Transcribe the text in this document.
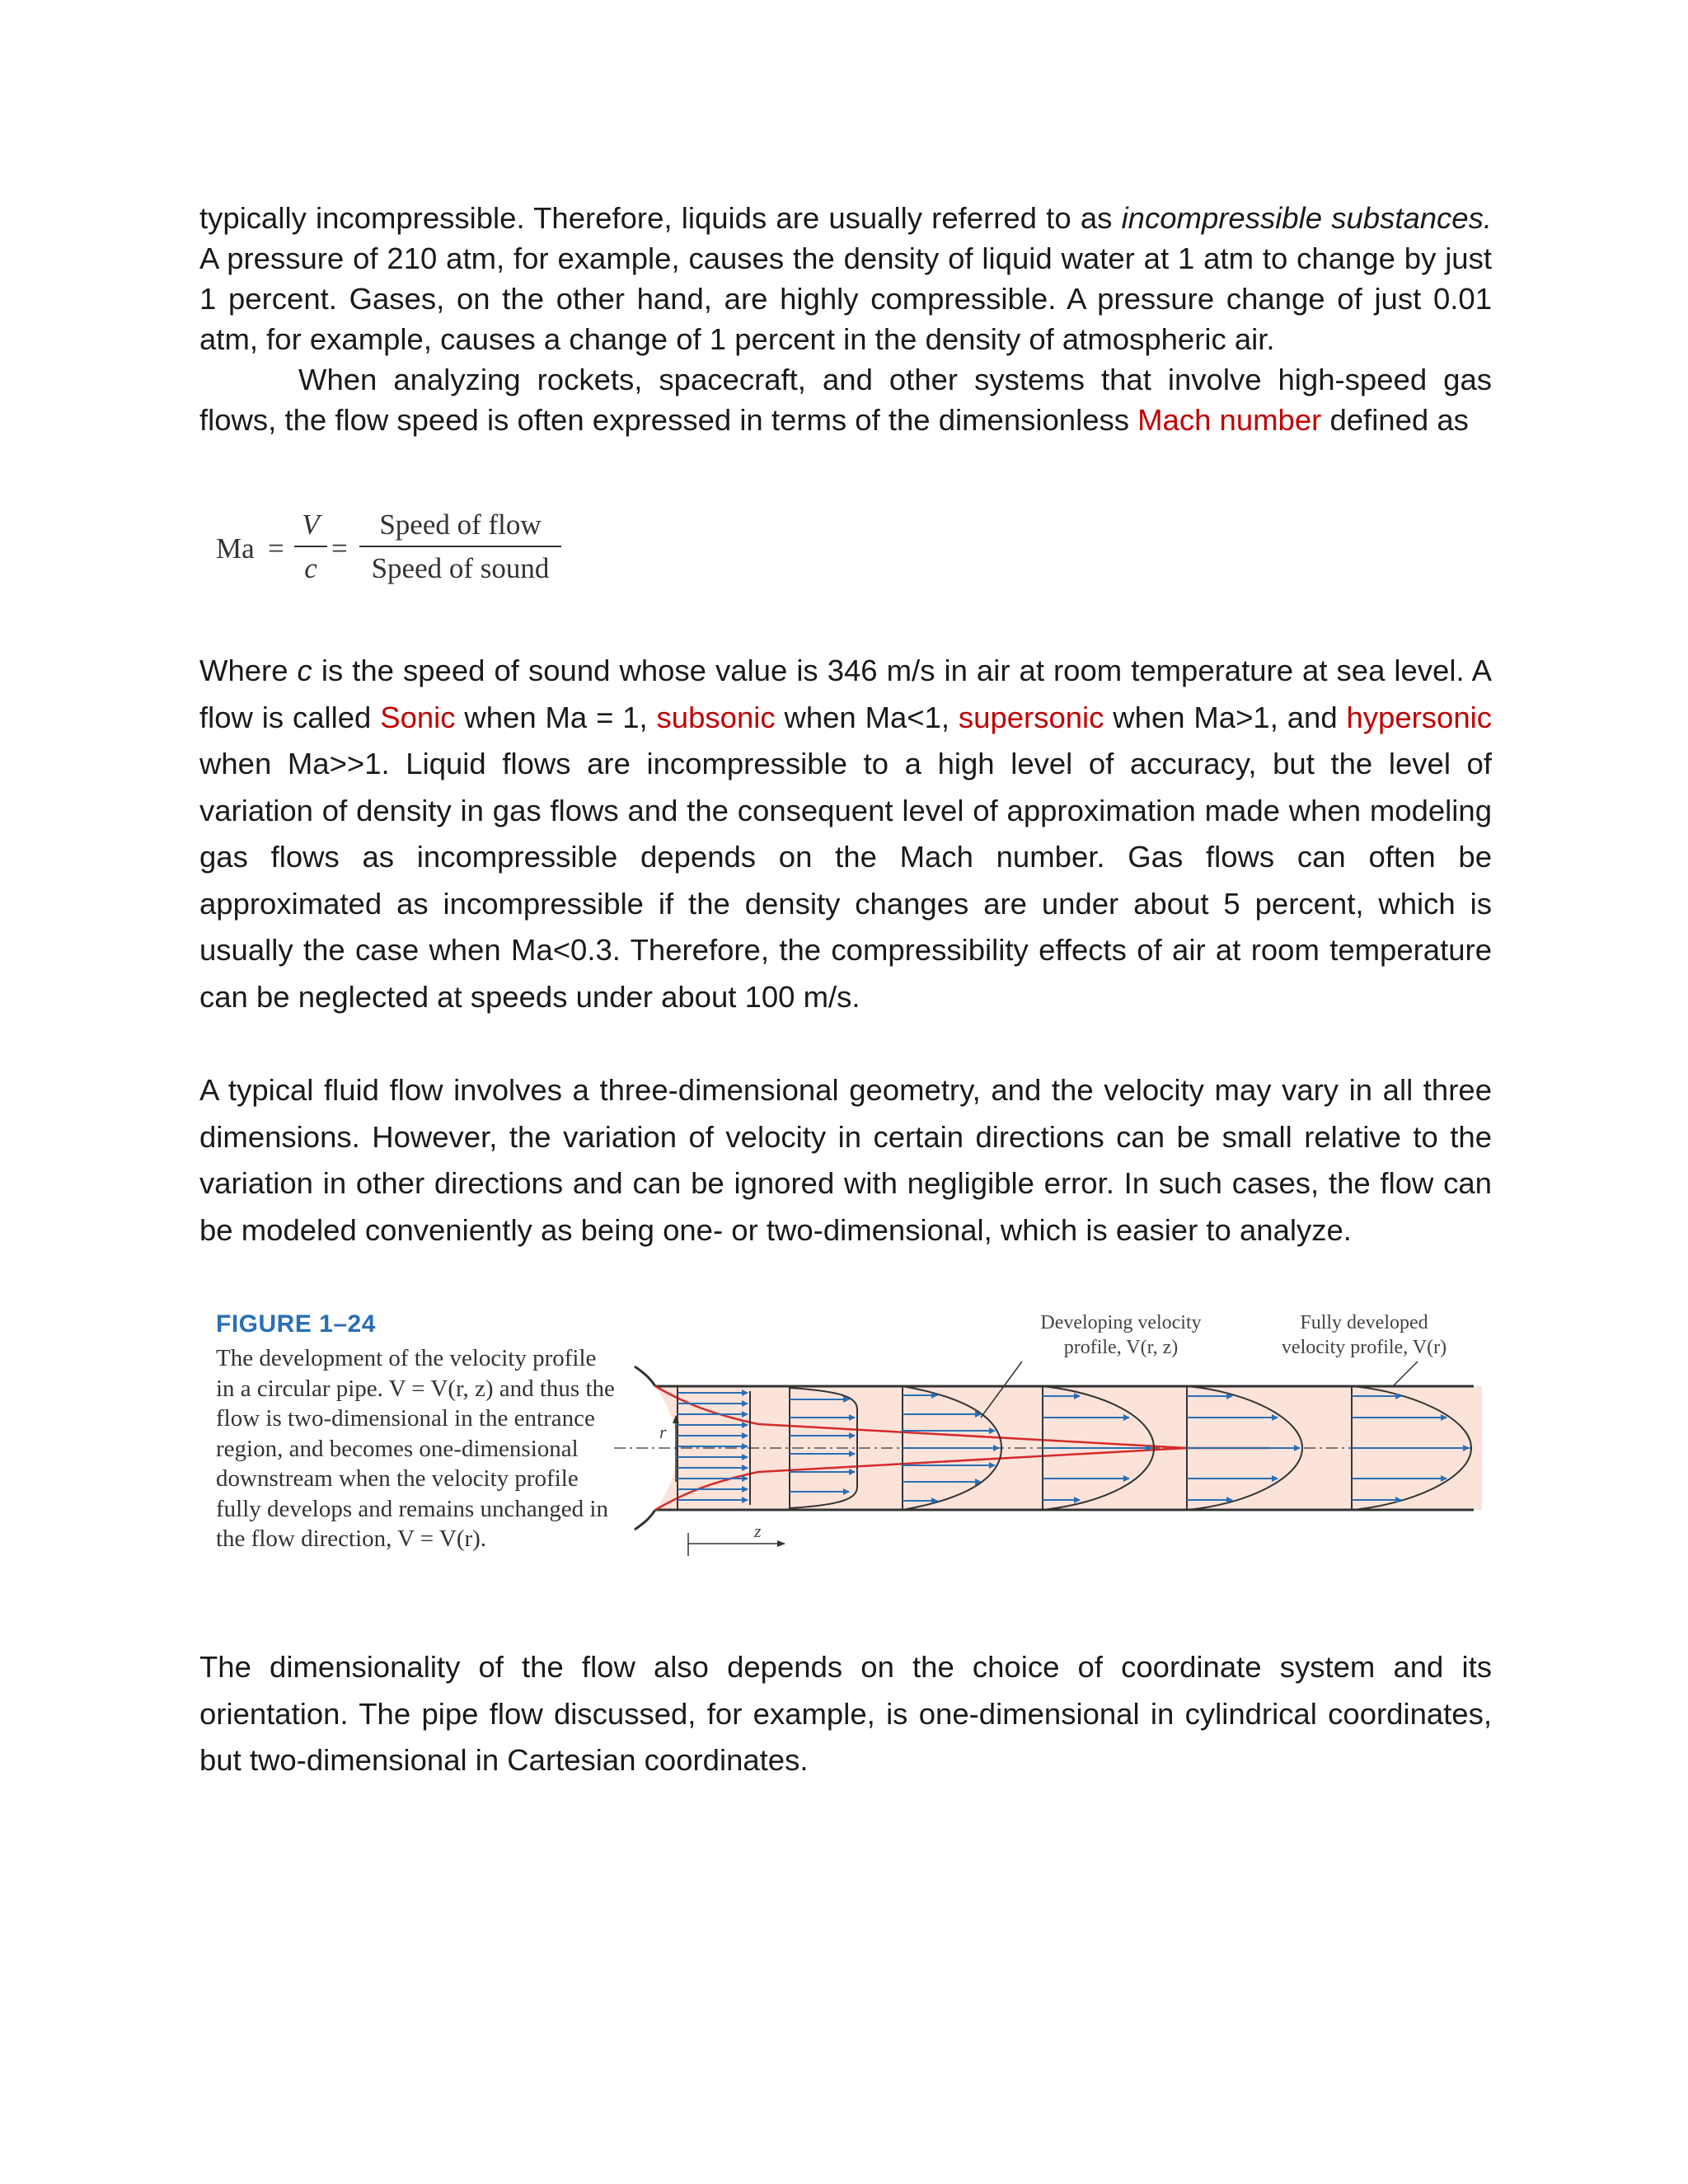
typically incompressible. Therefore, liquids are usually referred to as incompressible substances. A pressure of 210 atm, for example, causes the density of liquid water at 1 atm to change by just 1 percent. Gases, on the other hand, are highly compressible. A pressure change of just 0.01 atm, for example, causes a change of 1 percent in the density of atmospheric air.
When analyzing rockets, spacecraft, and other systems that involve high-speed gas flows, the flow speed is often expressed in terms of the dimensionless Mach number defined as
$Ma = \frac{V}{c}$ =
Speed of flow
Speed of sound
Where c is the speed of sound whose value is 346 m/s in air at room temperature at sea level. A flow is called Sonic when Ma = 1, subsonic when Ma<1, supersonic when Ma>1, and hypersonic when Ma>>1. Liquid flows are incompressible to a high level of accuracy, but the level of variation of density in gas flows and the consequent level of approximation made when modeling gas flows as incompressible depends on the Mach number. Gas flows can often be approximated as incompressible if the density changes are under about 5 percent, which is usually the case when Ma<0.3. Therefore, the compressibility effects of air at room temperature can be neglected at speeds under about 100 m/s.
A typical fluid flow involves a three-dimensional geometry, and the velocity may vary in all three dimensions. However, the variation of velocity in certain directions can be small relative to the variation in other directions and can be ignored with negligible error. In such cases, the flow can be modeled conveniently as being one- or two-dimensional, which is easier to analyze.
FIGURE 1–24
The development of the velocity profile in a circular pipe. V = V(r, z) and thus the flow is two-dimensional in the entrance region, and becomes one-dimensional downstream when the velocity profile fully develops and remains unchanged in the flow direction, V = V(r).
Developing velocity
profile, V(r, z)
Fully developed
velocity profile, V(r)
r
z
The dimensionality of the flow also depends on the choice of coordinate system and its orientation. The pipe flow discussed, for example, is one-dimensional in cylindrical coordinates, but two-dimensional in Cartesian coordinates.
